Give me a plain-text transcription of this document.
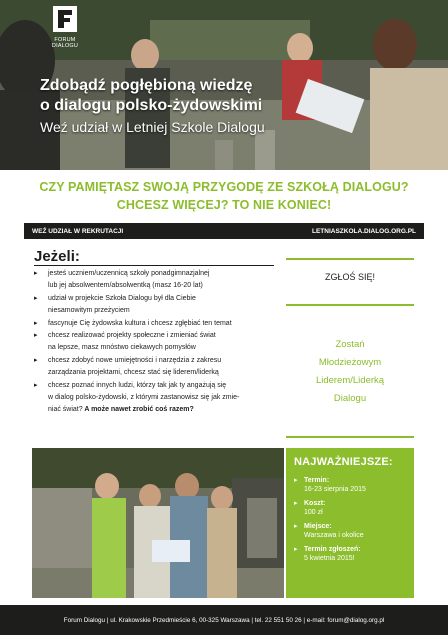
FORUM
DIALOGU
Zdobądź pogłębioną wiedzę
o dialogu polsko-żydowskimi
Weź udział w Letniej Szkole Dialogu
CZY PAMIĘTASZ SWOJĄ PRZYGODĘ ZE SZKOŁĄ DIALOGU?
CHCESZ WIĘCEJ? TO NIE KONIEC!
WEŹ UDZIAŁ W REKRUTACJI	LETNIASZKOLA.DIALOG.ORG.PL
Jeżeli:
▸ jesteś uczniem/uczennicą szkoły ponadgimnazjalnej
lub jej absolwentem/absolwentką (masz 16-20 lat)
▸ udział w projekcie Szkoła Dialogu był dla Ciebie
niesamowitym przeżyciem
▸ fascynuje Cię żydowska kultura i chcesz zgłębiać ten temat
▸ chcesz realizować projekty społeczne i zmieniać świat
na lepsze, masz mnóstwo ciekawych pomysłów
▸ chcesz zdobyć nowe umiejętności i narzędzia z zakresu
zarządzania projektami, chcesz stać się liderem/liderką
▸ chcesz poznać innych ludzi, którzy tak jak ty angażują się
w dialog polsko-żydowski, z którymi zastanowisz się jak zmie-
niać świat? A może nawet zrobić coś razem?
ZGŁOŚ SIĘ!
Zostań
Młodzieżowym
Liderem/Liderką
Dialogu
NAJWAŻNIEJSZE:
▸ Termin:
16-23 sierpnia 2015
▸ Koszt:
100 zł
▸ Miejsce:
Warszawa i okolice
▸ Termin zgłoszeń:
5 kwietnia 2015!
Forum Dialogu | ul. Krakowskie Przedmieście 6, 00-325 Warszawa | tel. 22 551 50 26 | e-mail: forum@dialog.org.pl
